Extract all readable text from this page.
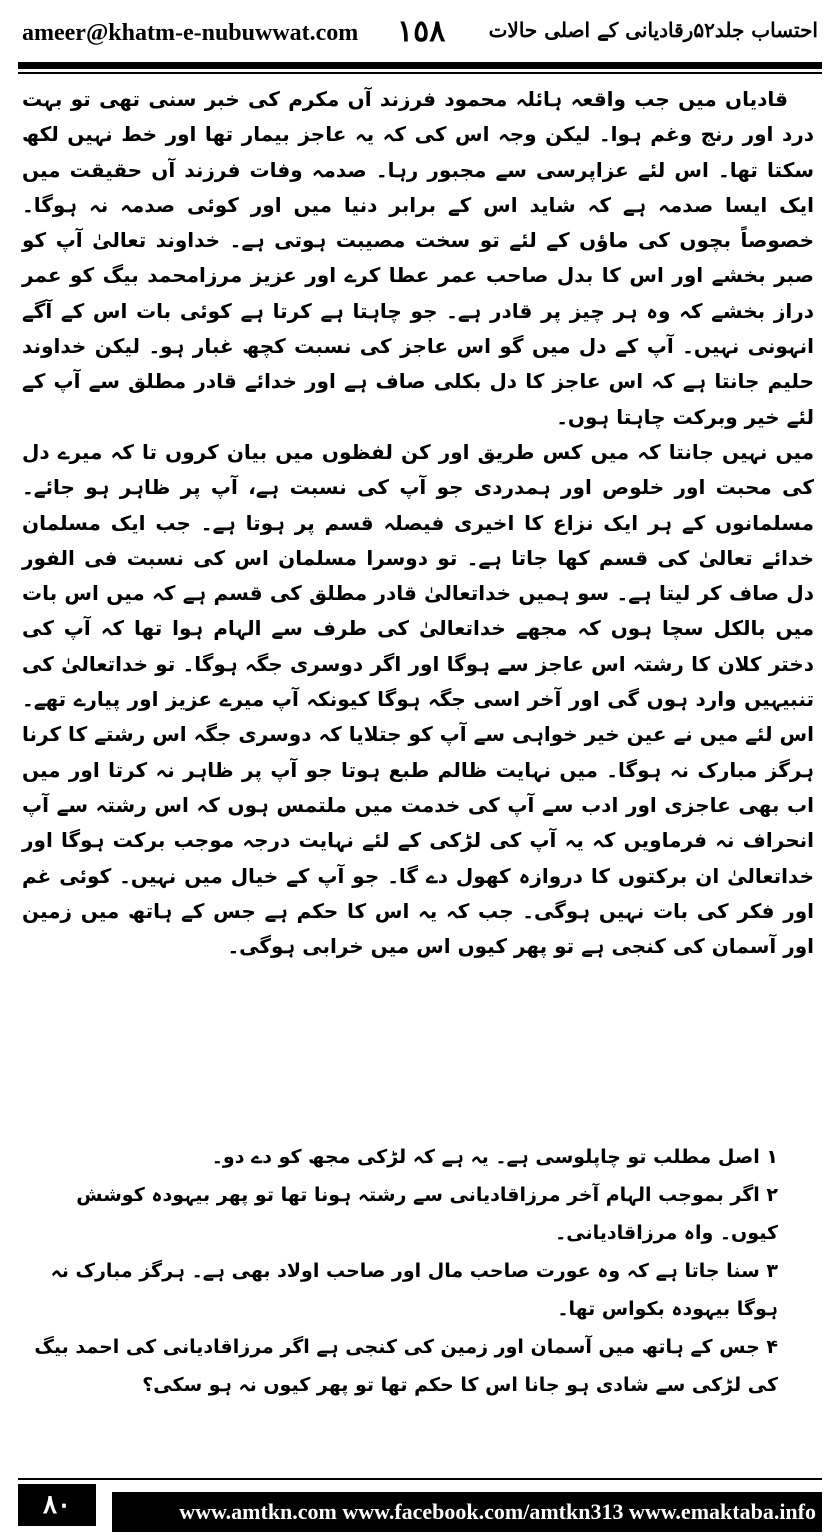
ameer@khatm-e-nubuwwat.com ١٥٨ احتساب جلد۵۲رقادیانی کے اصلی حالات

قادیاں میں جب واقعہ ہائلہ محمود فرزند آں مکرم کی خبر سنی تھی تو بہت درد اور رنج وغم ہوا۔ لیکن وجہ اس کی کہ یہ عاجز بیمار تھا اور خط نہیں لکھ سکتا تھا۔ اس لئے عزاپرسی سے مجبور رہا۔ صدمہ وفات فرزند آں حقیقت میں ایک ایسا صدمہ ہے کہ شاید اس کے برابر دنیا میں اور کوئی صدمہ نہ ہوگا۔ خصوصاً بچوں کی ماؤں کے لئے تو سخت مصیبت ہوتی ہے۔ خداوند تعالیٰ آپ کو صبر بخشے اور اس کا بدل صاحب عمر عطا کرے اور عزیز مرزامحمد بیگ کو عمر دراز بخشے کہ وہ ہر چیز پر قادر ہے۔ جو چاہتا ہے کرتا ہے کوئی بات اس کے آگے انہونی نہیں۔ آپ کے دل میں گو اس عاجز کی نسبت کچھ غبار ہو۔ لیکن خداوند حلیم جانتا ہے کہ اس عاجز کا دل بکلی صاف ہے اور خدائے قادر مطلق سے آپ کے لئے خیر وبرکت چاہتا ہوں۔

میں نہیں جانتا کہ میں کس طریق اور کن لفظوں میں بیان کروں تا کہ میرے دل کی محبت اور خلوص اور ہمدردی جو آپ کی نسبت ہے، آپ پر ظاہر ہو جائے۔ مسلمانوں کے ہر ایک نزاع کا اخیری فیصلہ قسم پر ہوتا ہے۔ جب ایک مسلمان خدائے تعالیٰ کی قسم کھا جاتا ہے۔ تو دوسرا مسلمان اس کی نسبت فی الفور دل صاف کر لیتا ہے۔ سو ہمیں خداتعالیٰ قادر مطلق کی قسم ہے کہ میں اس بات میں بالکل سچا ہوں کہ مجھے خداتعالیٰ کی طرف سے الہام ہوا تھا کہ آپ کی دختر کلان کا رشتہ اس عاجز سے ہوگا اور اگر دوسری جگہ ہوگا۔ تو خداتعالیٰ کی تنبیہیں وارد ہوں گی اور آخر اسی جگہ ہوگا کیونکہ آپ میرے عزیز اور پیارے تھے۔ اس لئے میں نے عین خیر خواہی سے آپ کو جتلایا کہ دوسری جگہ اس رشتے کا کرنا ہرگز مبارک نہ ہوگا۔ میں نہایت ظالم طبع ہوتا جو آپ پر ظاہر نہ کرتا اور میں اب بھی عاجزی اور ادب سے آپ کی خدمت میں ملتمس ہوں کہ اس رشتہ سے آپ انحراف نہ فرماویں کہ یہ آپ کی لڑکی کے لئے نہایت درجہ موجب برکت ہوگا اور خداتعالیٰ ان برکتوں کا دروازہ کھول دے گا۔ جو آپ کے خیال میں نہیں۔ کوئی غم اور فکر کی بات نہیں ہوگی۔ جب کہ یہ اس کا حکم ہے جس کے ہاتھ میں زمین اور آسمان کی کنجی ہے تو پھر کیوں اس میں خرابی ہوگی۔

۱ اصل مطلب تو چاپلوسی ہے۔ یہ ہے کہ لڑکی مجھ کو دے دو۔

۲ اگر بموجب الہام آخر مرزاقادیانی سے رشتہ ہونا تھا تو پھر بیہودہ کوشش کیوں۔ واہ مرزاقادیانی۔

۳ سنا جاتا ہے کہ وہ عورت صاحب مال اور صاحب اولاد بھی ہے۔ ہرگز مبارک نہ ہوگا بیہودہ بکواس تھا۔

۴ جس کے ہاتھ میں آسمان اور زمین کی کنجی ہے اگر مرزاقادیانی کی احمد بیگ کی لڑکی سے شادی ہو جانا اس کا حکم تھا تو پھر کیوں نہ ہو سکی؟

٨٠	www.amtkn.com www.facebook.com/amtkn313 www.emaktaba.info
